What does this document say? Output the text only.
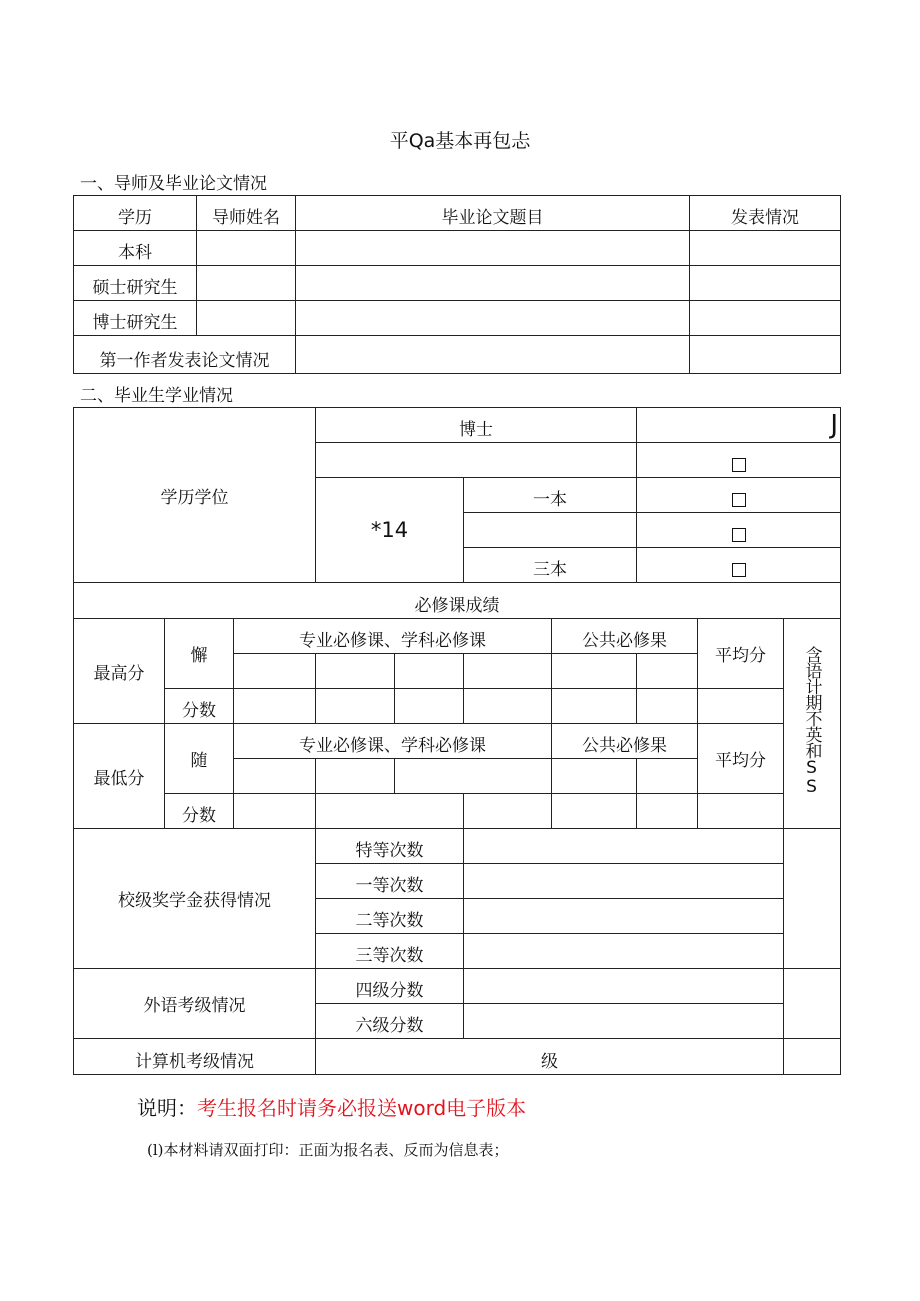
平Qa基本再包忐
一、导师及毕业论文情况
学历	导师姓名	毕业论文题目	发表情况
本科			
硕士研究生			
博士研究生			
第一作者发表论文情况			
二、毕业生学业情况
学历学位			博士				J		

			*14		一本				

					三本				
必修课成绩									
最高分	懈	专业必修课、学科必修课				公共必修果		平均分	含语计期不英和SS

	分数								
最低分	随	专业必修课、学科必修课				公共必修果		平均分	

	分数								
校级奖学金获得情况			特等次数						
			一等次数						
			二等次数						
			三等次数						
外语考级情况			四级分数						
			六级分数						
计算机考级情况			级						
说明：考生报名时请务必报送word电子版本
(l)本材料请双面打印：正面为报名表、反而为信息表；
